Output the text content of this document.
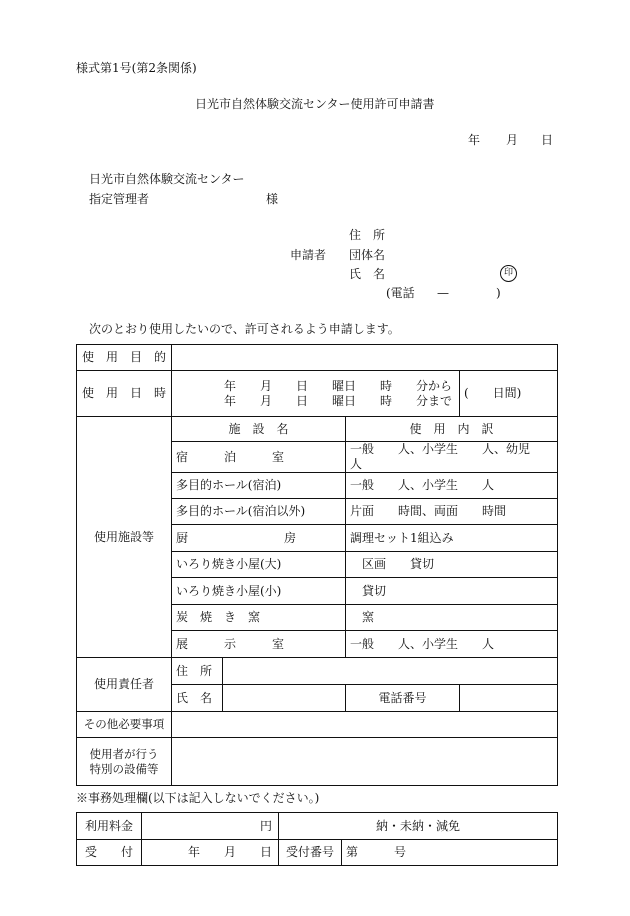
様式第1号(第2条関係)
日光市自然体験交流センター使用許可申請書
年 月 日
日光市自然体験交流センター
指定管理者	様
住　所
申請者 団体名
氏　名	印
(電話 —	)
次のとおり使用したいので、許可されるよう申請します。
使　用　目　的				
使　用　日　時	年　　月　　日　　曜日　　時　　分から
年　　月　　日　　曜日　　時　　分まで			(　　日間)
使用施設等	施　設　名		使　用　内　訳	
	宿　　　泊　　　室		一般　　人、小学生　　人、幼児　　人	
	多目的ホール(宿泊)		一般　　人、小学生　　人	
	多目的ホール(宿泊以外)		片面　　時間、両面　　時間	
	厨　　　　　　　　房		調理セット1組込み	
	いろり焼き小屋(大)		区画　　貸切	
	いろり焼き小屋(小)		貸切	
	炭　焼　き　窯		窯	
	展　　　示　　　室		一般　　人、小学生　　人	
使用責任者	住　所			
	氏　名		電話番号	
その他必要事項				

使用者が行う
特別の設備等				

※事務処理欄(以下は記入しないでください。)
利用料金	円	納・未納・減免	
受　　付	年　　月　　日	受付番号	第　　　号
